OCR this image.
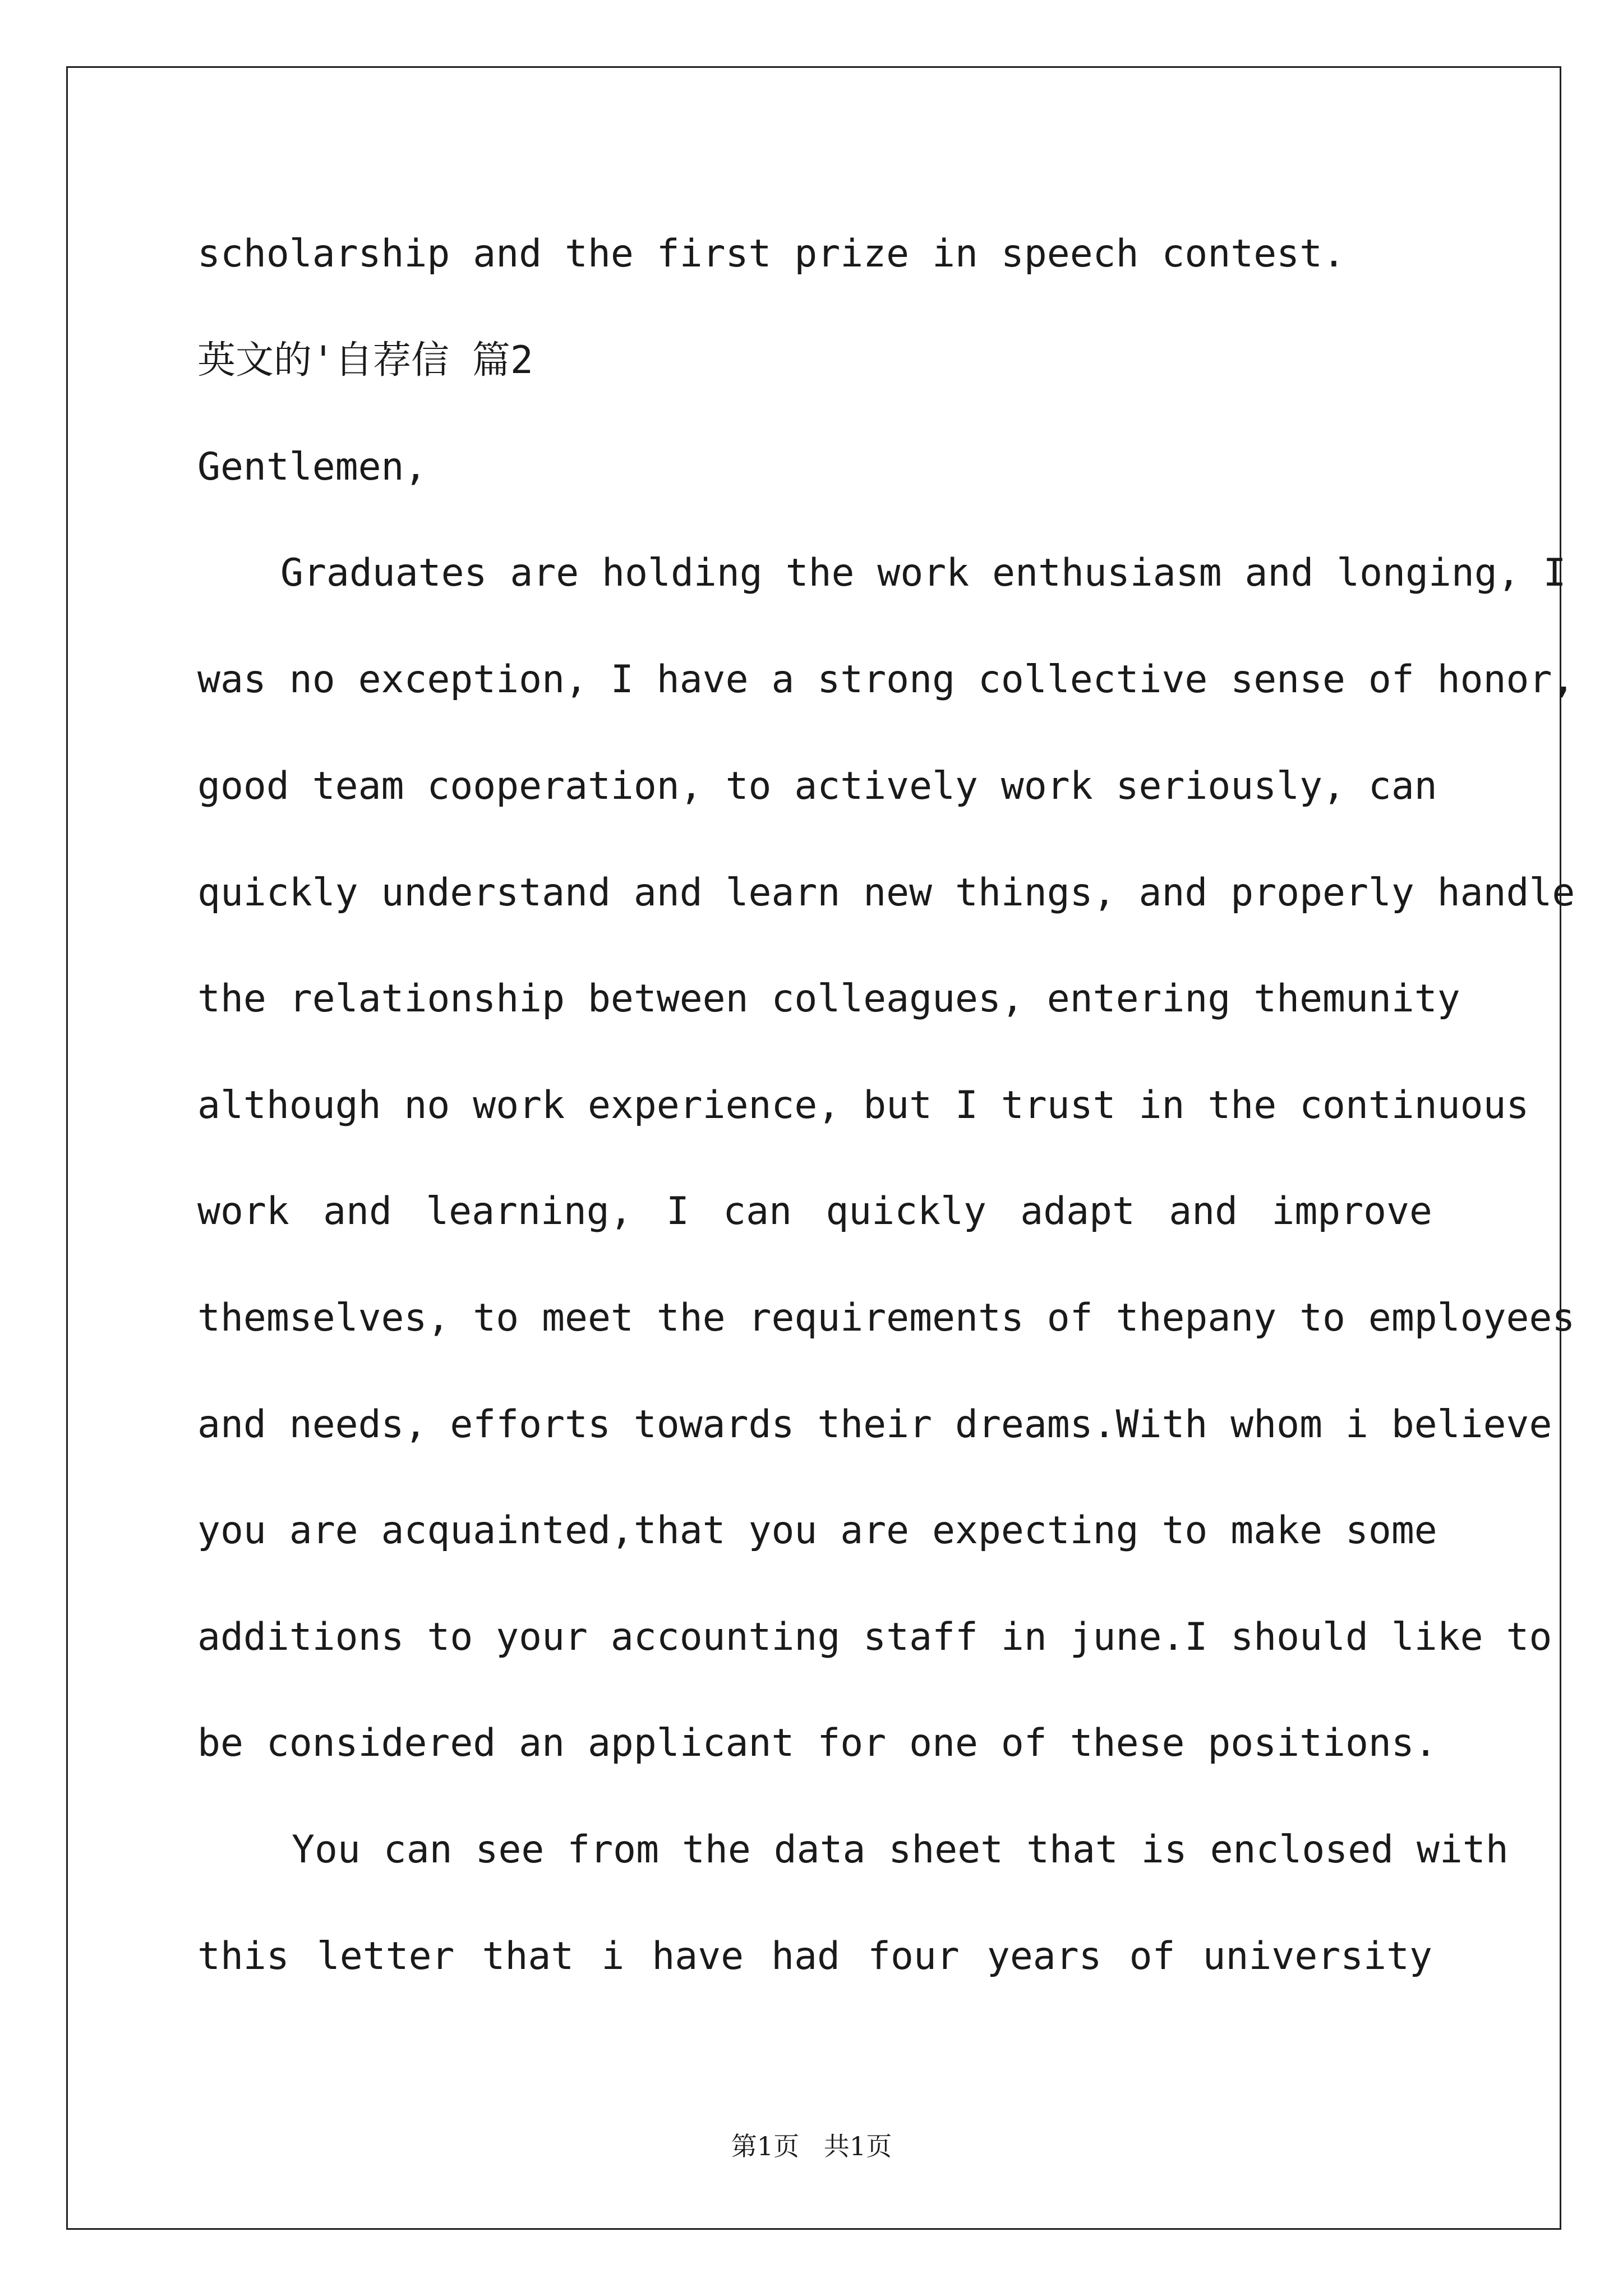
scholarship and the first prize in speech contest.

英文的'自荐信 篇2

Gentlemen,

Graduates are holding the work enthusiasm and longing, I

was no exception, I have a strong collective sense of honor,

good team cooperation, to actively work seriously, can

quickly understand and learn new things, and properly handle

the relationship between colleagues, entering themunity

although no work experience, but I trust in the continuous

work and learning, I can quickly adapt and improve

themselves, to meet the requirements of thepany to employees

and needs, efforts towards their dreams.With whom i believe

you are acquainted,that you are expecting to make some

additions to your accounting staff in june.I should like to

be considered an applicant for one of these positions.

You can see from the data sheet that is enclosed with

this letter that i have had four years of university

第1页   共1页
